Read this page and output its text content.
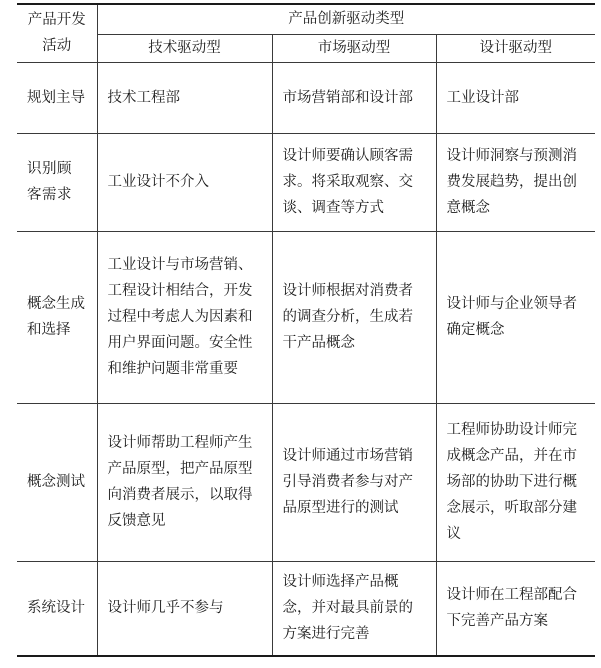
产品开发活动	产品创新驱动类型		
	技术驱动型	市场驱动型	设计驱动型
规划主导	技术工程部	市场营销部和设计部	工业设计部
识别顾客需求	工业设计不介入	设计师要确认顾客需求。将采取观察、交谈、调查等方式	设计师洞察与预测消费发展趋势，提出创意概念
概念生成和选择	工业设计与市场营销、工程设计相结合，开发过程中考虑人为因素和用户界面问题。安全性和维护问题非常重要	设计师根据对消费者的调查分析，生成若干产品概念	设计师与企业领导者确定概念
概念测试	设计师帮助工程师产生产品原型，把产品原型向消费者展示，以取得反馈意见	设计师通过市场营销引导消费者参与对产品原型进行的测试	工程师协助设计师完成概念产品，并在市场部的协助下进行概念展示，听取部分建议
系统设计	设计师几乎不参与	设计师选择产品概念，并对最具前景的方案进行完善	设计师在工程部配合下完善产品方案
